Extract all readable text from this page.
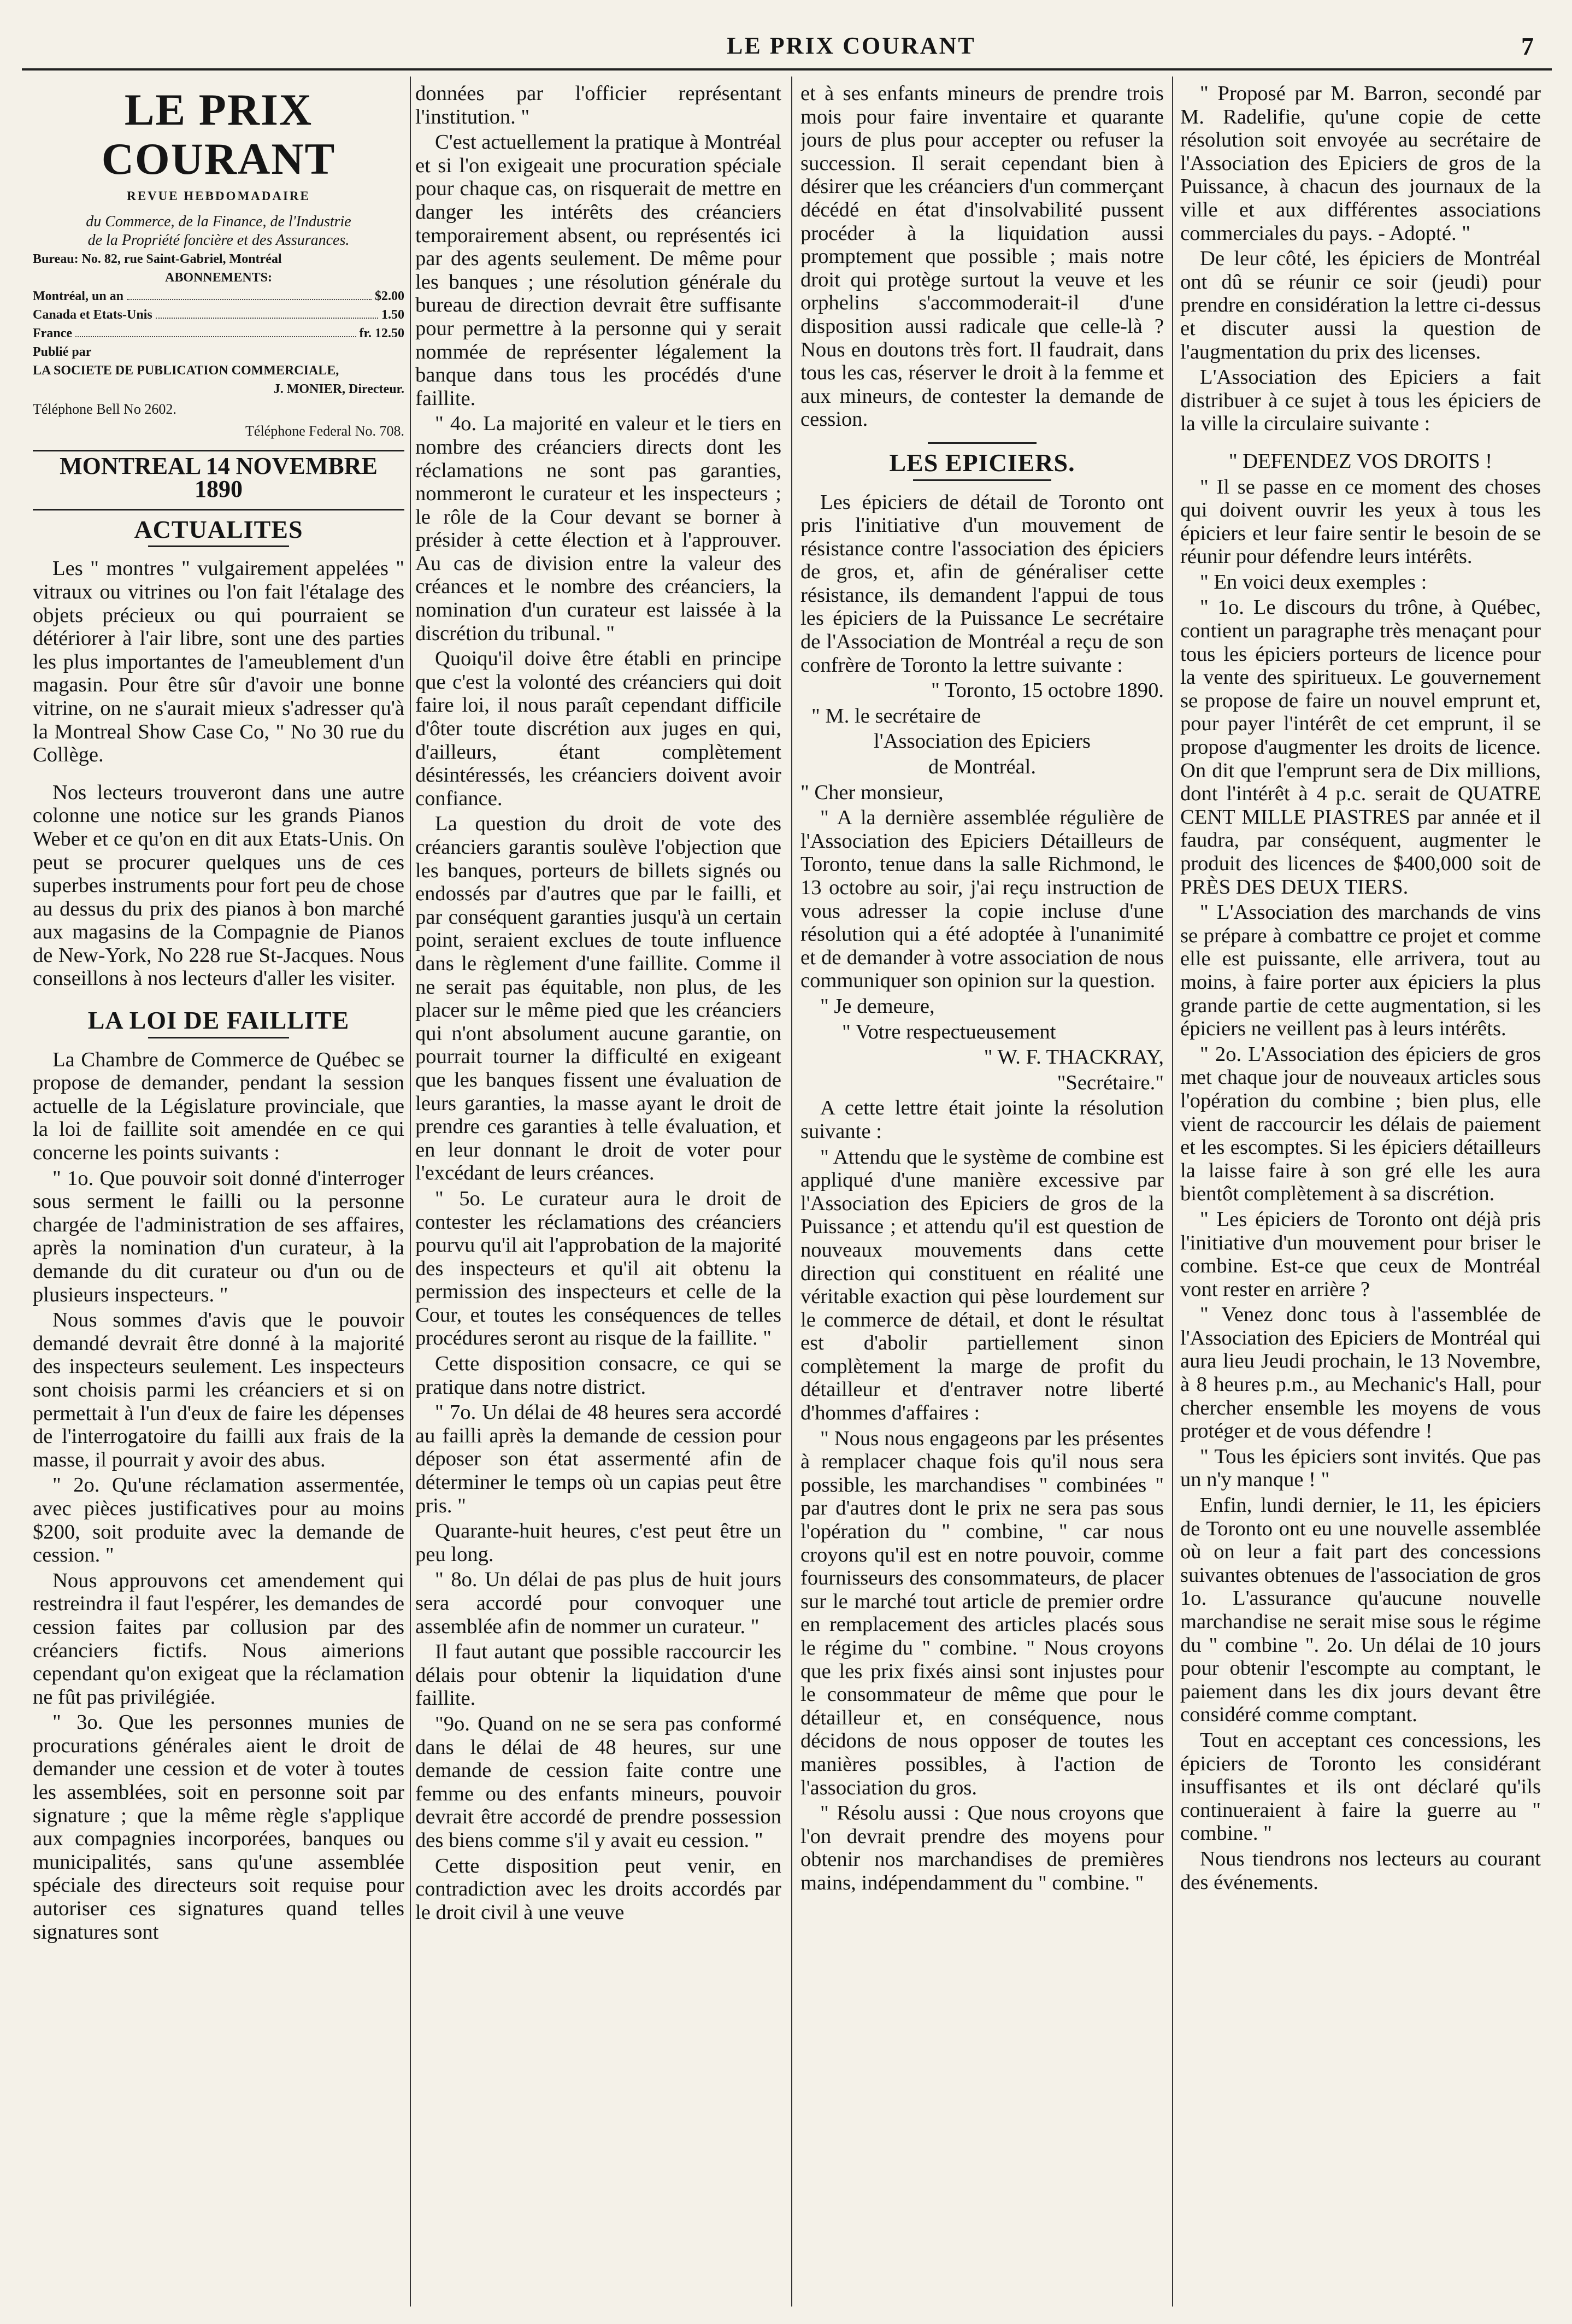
LE PRIX COURANT	7
LE PRIX COURANT
REVUE HEBDOMADAIRE
du Commerce, de la Finance, de l'Industrie
de la Propriété foncière et des Assurances.
Bureau: No. 82, rue Saint-Gabriel, Montréal
ABONNEMENTS:
Montréal, un an	$2.00
Canada et Etats-Unis	1.50
France	fr. 12.50
Publié par
LA SOCIETE DE PUBLICATION COMMERCIALE,
J. MONIER, Directeur.
Téléphone Bell No 2602.
Téléphone Federal No. 708.
MONTREAL 14 NOVEMBRE 1890
ACTUALITES

Les " montres " vulgairement appelées " vitraux ou vitrines ou l'on fait l'étalage des objets précieux ou qui pourraient se détériorer à l'air libre, sont une des parties les plus importantes de l'ameublement d'un magasin. Pour être sûr d'avoir une bonne vitrine, on ne s'aurait mieux s'adresser qu'à la Montreal Show Case Co, " No 30 rue du Collège.

Nos lecteurs trouveront dans une autre colonne une notice sur les grands Pianos Weber et ce qu'on en dit aux Etats-Unis. On peut se procurer quelques uns de ces superbes instruments pour fort peu de chose au dessus du prix des pianos à bon marché aux magasins de la Compagnie de Pianos de New-York, No 228 rue St-Jacques. Nous conseillons à nos lecteurs d'aller les visiter.

LA LOI DE FAILLITE

La Chambre de Commerce de Québec se propose de demander, pendant la session actuelle de la Législature provinciale, que la loi de faillite soit amendée en ce qui concerne les points suivants :

" 1o. Que pouvoir soit donné d'interroger sous serment le failli ou la personne chargée de l'administration de ses affaires, après la nomination d'un curateur, à la demande du dit curateur ou d'un ou de plusieurs inspecteurs. "

Nous sommes d'avis que le pouvoir demandé devrait être donné à la majorité des inspecteurs seulement. Les inspecteurs sont choisis parmi les créanciers et si on permettait à l'un d'eux de faire les dépenses de l'interrogatoire du failli aux frais de la masse, il pourrait y avoir des abus.

" 2o. Qu'une réclamation assermentée, avec pièces justificatives pour au moins $200, soit produite avec la demande de cession. "

Nous approuvons cet amendement qui restreindra il faut l'espérer, les demandes de cession faites par collusion par des créanciers fictifs. Nous aimerions cependant qu'on exigeat que la réclamation ne fût pas privilégiée.

" 3o. Que les personnes munies de procurations générales aient le droit de demander une cession et de voter à toutes les assemblées, soit en personne soit par signature ; que la même règle s'applique aux compagnies incorporées, banques ou municipalités, sans qu'une assemblée spéciale des directeurs soit requise pour autoriser ces signatures quand telles signatures sont

données par l'officier représentant l'institution. "

C'est actuellement la pratique à Montréal et si l'on exigeait une procuration spéciale pour chaque cas, on risquerait de mettre en danger les intérêts des créanciers temporairement absent, ou représentés ici par des agents seulement. De même pour les banques ; une résolution générale du bureau de direction devrait être suffisante pour permettre à la personne qui y serait nommée de représenter légalement la banque dans tous les procédés d'une faillite.

" 4o. La majorité en valeur et le tiers en nombre des créanciers directs dont les réclamations ne sont pas garanties, nommeront le curateur et les inspecteurs ; le rôle de la Cour devant se borner à présider à cette élection et à l'approuver. Au cas de division entre la valeur des créances et le nombre des créanciers, la nomination d'un curateur est laissée à la discrétion du tribunal. "

Quoiqu'il doive être établi en principe que c'est la volonté des créanciers qui doit faire loi, il nous paraît cependant difficile d'ôter toute discrétion aux juges en qui, d'ailleurs, étant complètement désintéressés, les créanciers doivent avoir confiance.

La question du droit de vote des créanciers garantis soulève l'objection que les banques, porteurs de billets signés ou endossés par d'autres que par le failli, et par conséquent garanties jusqu'à un certain point, seraient exclues de toute influence dans le règlement d'une faillite. Comme il ne serait pas équitable, non plus, de les placer sur le même pied que les créanciers qui n'ont absolument aucune garantie, on pourrait tourner la difficulté en exigeant que les banques fissent une évaluation de leurs garanties, la masse ayant le droit de prendre ces garanties à telle évaluation, et en leur donnant le droit de voter pour l'excédant de leurs créances.

" 5o. Le curateur aura le droit de contester les réclamations des créanciers pourvu qu'il ait l'approbation de la majorité des inspecteurs et qu'il ait obtenu la permission des inspecteurs et celle de la Cour, et toutes les conséquences de telles procédures seront au risque de la faillite. "

Cette disposition consacre, ce qui se pratique dans notre district.

" 7o. Un délai de 48 heures sera accordé au failli après la demande de cession pour déposer son état assermenté afin de déterminer le temps où un capias peut être pris. "

Quarante-huit heures, c'est peut être un peu long.

" 8o. Un délai de pas plus de huit jours sera accordé pour convoquer une assemblée afin de nommer un curateur. "

Il faut autant que possible raccourcir les délais pour obtenir la liquidation d'une faillite.

"9o. Quand on ne se sera pas conformé dans le délai de 48 heures, sur une demande de cession faite contre une femme ou des enfants mineurs, pouvoir devrait être accordé de prendre possession des biens comme s'il y avait eu cession. "

Cette disposition peut venir, en contradiction avec les droits accordés par le droit civil à une veuve

et à ses enfants mineurs de prendre trois mois pour faire inventaire et quarante jours de plus pour accepter ou refuser la succession. Il serait cependant bien à désirer que les créanciers d'un commerçant décédé en état d'insolvabilité pussent procéder à la liquidation aussi promptement que possible ; mais notre droit qui protège surtout la veuve et les orphelins s'accommoderait-il d'une disposition aussi radicale que celle-là ? Nous en doutons très fort. Il faudrait, dans tous les cas, réserver le droit à la femme et aux mineurs, de contester la demande de cession.

LES EPICIERS.

Les épiciers de détail de Toronto ont pris l'initiative d'un mouvement de résistance contre l'association des épiciers de gros, et, afin de généraliser cette résistance, ils demandent l'appui de tous les épiciers de la Puissance Le secrétaire de l'Association de Montréal a reçu de son confrère de Toronto la lettre suivante :

" Toronto, 15 octobre 1890.

" M. le secrétaire de

l'Association des Epiciers

de Montréal.

" Cher monsieur,

" A la dernière assemblée régulière de l'Association des Epiciers Détailleurs de Toronto, tenue dans la salle Richmond, le 13 octobre au soir, j'ai reçu instruction de vous adresser la copie incluse d'une résolution qui a été adoptée à l'unanimité et de demander à votre association de nous communiquer son opinion sur la question.

" Je demeure,

" Votre respectueusement

" W. F. THACKRAY,

"Secrétaire."

A cette lettre était jointe la résolution suivante :

" Attendu que le système de combine est appliqué d'une manière excessive par l'Association des Epiciers de gros de la Puissance ; et attendu qu'il est question de nouveaux mouvements dans cette direction qui constituent en réalité une véritable exaction qui pèse lourdement sur le commerce de détail, et dont le résultat est d'abolir partiellement sinon complètement la marge de profit du détailleur et d'entraver notre liberté d'hommes d'affaires :

" Nous nous engageons par les présentes à remplacer chaque fois qu'il nous sera possible, les marchandises " combinées " par d'autres dont le prix ne sera pas sous l'opération du " combine, " car nous croyons qu'il est en notre pouvoir, comme fournisseurs des consommateurs, de placer sur le marché tout article de premier ordre en remplacement des articles placés sous le régime du " combine. " Nous croyons que les prix fixés ainsi sont injustes pour le consommateur de même que pour le détailleur et, en conséquence, nous décidons de nous opposer de toutes les manières possibles, à l'action de l'association du gros.

" Résolu aussi : Que nous croyons que l'on devrait prendre des moyens pour obtenir nos marchandises de premières mains, indépendamment du " combine. "

" Proposé par M. Barron, secondé par M. Radelifie, qu'une copie de cette résolution soit envoyée au secrétaire de l'Association des Epiciers de gros de la Puissance, à chacun des journaux de la ville et aux différentes associations commerciales du pays. - Adopté. "

De leur côté, les épiciers de Montréal ont dû se réunir ce soir (jeudi) pour prendre en considération la lettre ci-dessus et discuter aussi la question de l'augmentation du prix des licenses.

L'Association des Epiciers a fait distribuer à ce sujet à tous les épiciers de la ville la circulaire suivante :

" DEFENDEZ VOS DROITS !

" Il se passe en ce moment des choses qui doivent ouvrir les yeux à tous les épiciers et leur faire sentir le besoin de se réunir pour défendre leurs intérêts.

" En voici deux exemples :

" 1o. Le discours du trône, à Québec, contient un paragraphe très menaçant pour tous les épiciers porteurs de licence pour la vente des spiritueux. Le gouvernement se propose de faire un nouvel emprunt et, pour payer l'intérêt de cet emprunt, il se propose d'augmenter les droits de licence. On dit que l'emprunt sera de Dix millions, dont l'intérêt à 4 p.c. serait de QUATRE CENT MILLE PIASTRES par année et il faudra, par conséquent, augmenter le produit des licences de $400,000 soit de PRÈS DES DEUX TIERS.

" L'Association des marchands de vins se prépare à combattre ce projet et comme elle est puissante, elle arrivera, tout au moins, à faire porter aux épiciers la plus grande partie de cette augmentation, si les épiciers ne veillent pas à leurs intérêts.

" 2o. L'Association des épiciers de gros met chaque jour de nouveaux articles sous l'opération du combine ; bien plus, elle vient de raccourcir les délais de paiement et les escomptes. Si les épiciers détailleurs la laisse faire à son gré elle les aura bientôt complètement à sa discrétion.

" Les épiciers de Toronto ont déjà pris l'initiative d'un mouvement pour briser le combine. Est-ce que ceux de Montréal vont rester en arrière ?

" Venez donc tous à l'assemblée de l'Association des Epiciers de Montréal qui aura lieu Jeudi prochain, le 13 Novembre, à 8 heures p.m., au Mechanic's Hall, pour chercher ensemble les moyens de vous protéger et de vous défendre !

" Tous les épiciers sont invités. Que pas un n'y manque ! "

Enfin, lundi dernier, le 11, les épiciers de Toronto ont eu une nouvelle assemblée où on leur a fait part des concessions suivantes obtenues de l'association de gros 1o. L'assurance qu'aucune nouvelle marchandise ne serait mise sous le régime du " combine ". 2o. Un délai de 10 jours pour obtenir l'escompte au comptant, le paiement dans les dix jours devant être considéré comme comptant.

Tout en acceptant ces concessions, les épiciers de Toronto les considérant insuffisantes et ils ont déclaré qu'ils continueraient à faire la guerre au " combine. "

Nous tiendrons nos lecteurs au courant des événements.
